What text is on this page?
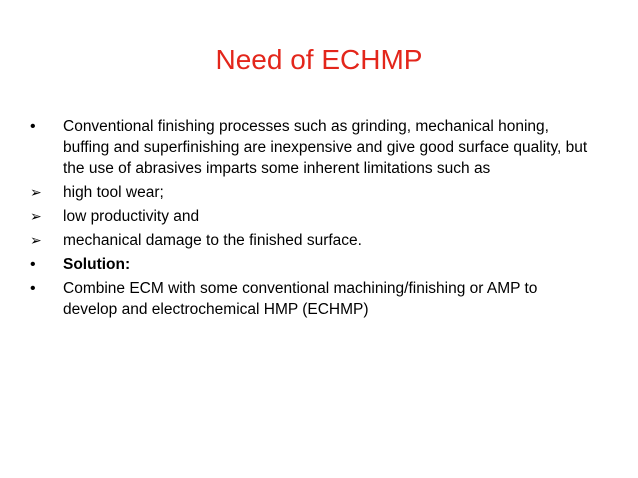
Need of ECHMP
•	Conventional finishing processes such as grinding, mechanical honing, buffing and superfinishing are inexpensive and give good surface quality, but the use of abrasives imparts some inherent limitations such as
➢	high tool wear;
➢	low productivity and
➢	mechanical damage to the finished surface.
•	Solution:
•	Combine ECM with some conventional machining/finishing or AMP to develop and electrochemical HMP (ECHMP)
